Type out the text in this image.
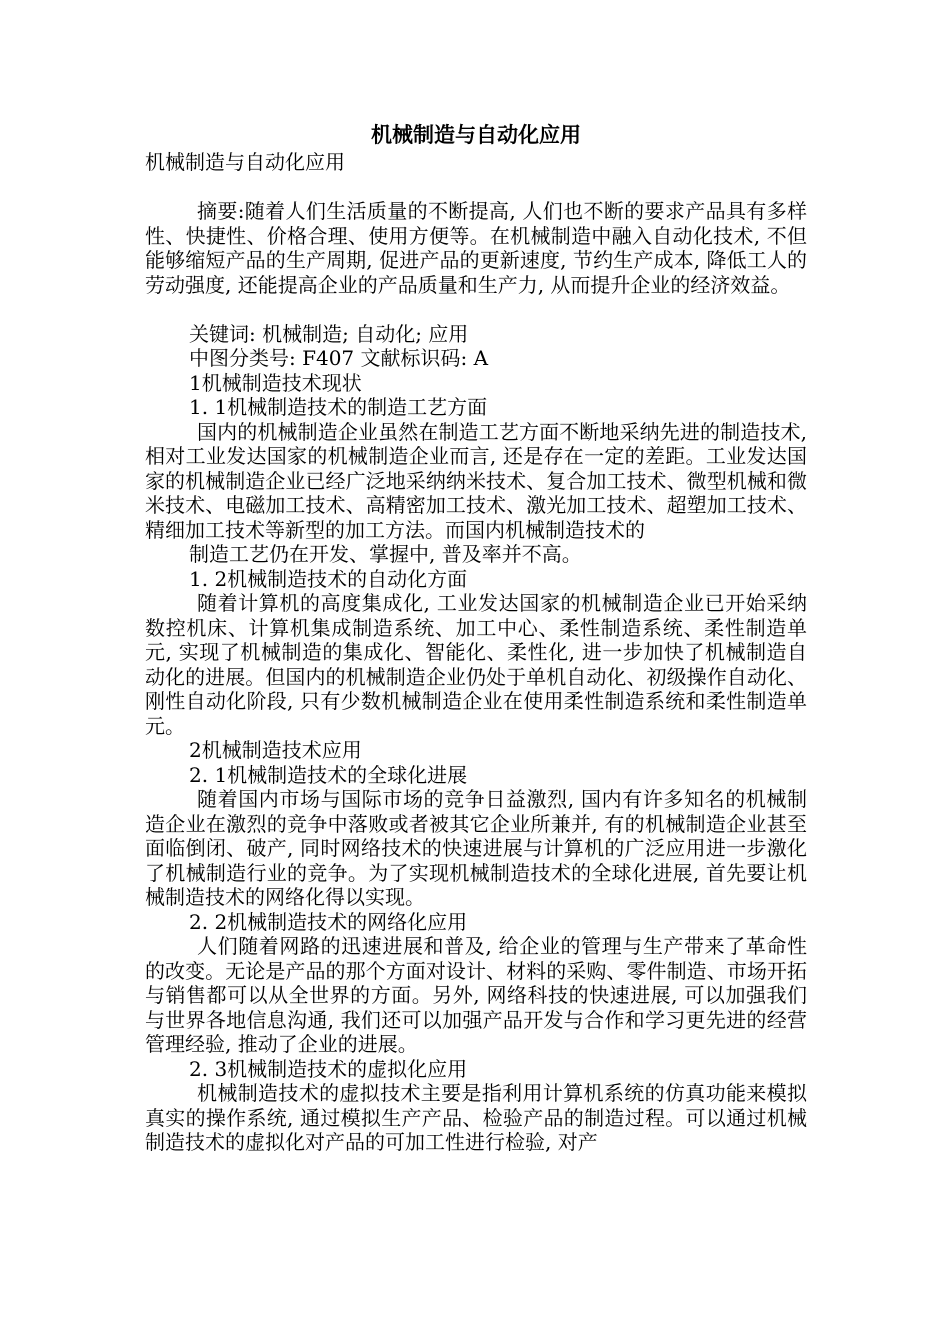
机械制造与自动化应用

机械制造与自动化应用

摘要:随着人们生活质量的不断提高, 人们也不断的要求产品具有多样性、快捷性、价格合理、使用方便等。在机械制造中融入自动化技术, 不但能够缩短产品的生产周期, 促进产品的更新速度, 节约生产成本, 降低工人的劳动强度, 还能提高企业的产品质量和生产力, 从而提升企业的经济效益。

关键词: 机械制造; 自动化; 应用

中图分类号: F407 文献标识码: A

1机械制造技术现状

1. 1机械制造技术的制造工艺方面

国内的机械制造企业虽然在制造工艺方面不断地采纳先进的制造技术, 相对工业发达国家的机械制造企业而言, 还是存在一定的差距。工业发达国家的机械制造企业已经广泛地采纳纳米技术、复合加工技术、微型机械和微米技术、电磁加工技术、高精密加工技术、激光加工技术、超塑加工技术、精细加工技术等新型的加工方法。而国内机械制造技术的

制造工艺仍在开发、掌握中, 普及率并不高。

1. 2机械制造技术的自动化方面

随着计算机的高度集成化, 工业发达国家的机械制造企业已开始采纳数控机床、计算机集成制造系统、加工中心、柔性制造系统、柔性制造单元, 实现了机械制造的集成化、智能化、柔性化, 进一步加快了机械制造自动化的进展。但国内的机械制造企业仍处于单机自动化、初级操作自动化、刚性自动化阶段, 只有少数机械制造企业在使用柔性制造系统和柔性制造单元。

2机械制造技术应用

2. 1机械制造技术的全球化进展

随着国内市场与国际市场的竞争日益激烈, 国内有许多知名的机械制造企业在激烈的竞争中落败或者被其它企业所兼并, 有的机械制造企业甚至面临倒闭、破产, 同时网络技术的快速进展与计算机的广泛应用进一步激化了机械制造行业的竞争。为了实现机械制造技术的全球化进展, 首先要让机械制造技术的网络化得以实现。

2. 2机械制造技术的网络化应用

人们随着网路的迅速进展和普及, 给企业的管理与生产带来了革命性的改变。无论是产品的那个方面对设计、材料的采购、零件制造、市场开拓与销售都可以从全世界的方面。另外, 网络科技的快速进展, 可以加强我们与世界各地信息沟通, 我们还可以加强产品开发与合作和学习更先进的经营管理经验, 推动了企业的进展。

2. 3机械制造技术的虚拟化应用

机械制造技术的虚拟技术主要是指利用计算机系统的仿真功能来模拟真实的操作系统, 通过模拟生产产品、检验产品的制造过程。可以通过机械制造技术的虚拟化对产品的可加工性进行检验, 对产
